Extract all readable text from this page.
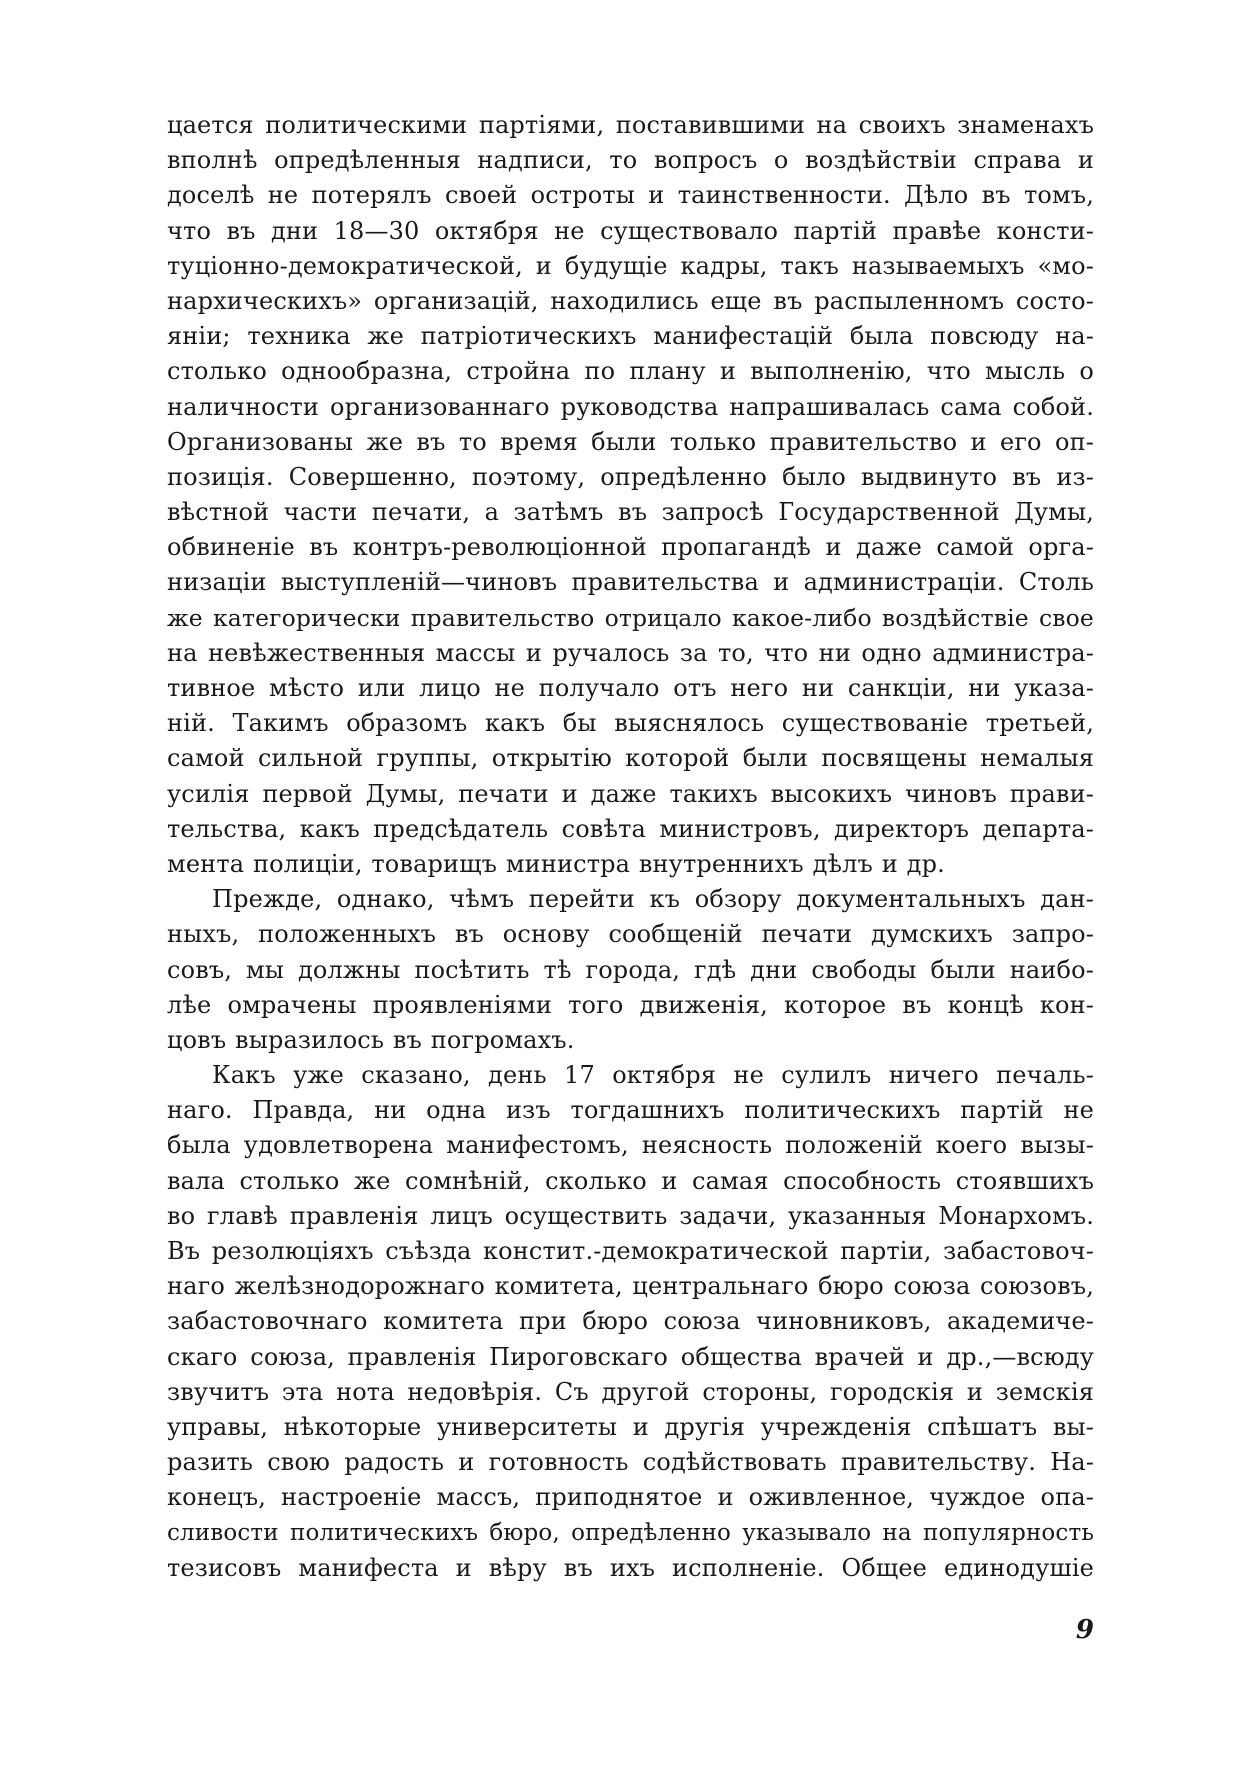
цается политическими партіями, поставившими на своихъ знаменахъ
вполнѣ опредѣленныя надписи, то вопросъ о воздѣйствіи справа и
доселѣ не потерялъ своей остроты и таинственности. Дѣло въ томъ,
что въ дни 18—30 октября не существовало партій правѣе консти-
туціонно-демократической, и будущіе кадры, такъ называемыхъ «мо-
нархическихъ» организацій, находились еще въ распыленномъ состо-
яніи; техника же патріотическихъ манифестацій была повсюду на-
столько однообразна, стройна по плану и выполненію, что мысль о
наличности организованнаго руководства напрашивалась сама собой.
Организованы же въ то время были только правительство и его оп-
позиція. Совершенно, поэтому, опредѣленно было выдвинуто въ из-
вѣстной части печати, а затѣмъ въ запросѣ Государственной Думы,
обвиненіе въ контръ-революціонной пропагандѣ и даже самой орга-
низаціи выступленій—чиновъ правительства и администраціи. Столь
же категорически правительство отрицало какое-либо воздѣйствіе свое
на невѣжественныя массы и ручалось за то, что ни одно администра-
тивное мѣсто или лицо не получало отъ него ни санкціи, ни указа-
ній. Такимъ образомъ какъ бы выяснялось существованіе третьей,
самой сильной группы, открытію которой были посвящены немалыя
усилія первой Думы, печати и даже такихъ высокихъ чиновъ прави-
тельства, какъ предсѣдатель совѣта министровъ, директоръ департа-
мента полиціи, товарищъ министра внутреннихъ дѣлъ и др.
Прежде, однако, чѣмъ перейти къ обзору документальныхъ дан-
ныхъ, положенныхъ въ основу сообщеній печати думскихъ запро-
совъ, мы должны посѣтить тѣ города, гдѣ дни свободы были наибо-
лѣе омрачены проявленіями того движенія, которое въ концѣ кон-
цовъ выразилось въ погромахъ.
Какъ уже сказано, день 17 октября не сулилъ ничего печаль-
наго. Правда, ни одна изъ тогдашнихъ политическихъ партій не
была удовлетворена манифестомъ, неясность положеній коего вызы-
вала столько же сомнѣній, сколько и самая способность стоявшихъ
во главѣ правленія лицъ осуществить задачи, указанныя Монархомъ.
Въ резолюціяхъ съѣзда констит.-демократической партіи, забастовоч-
наго желѣзнодорожнаго комитета, центральнаго бюро союза союзовъ,
забастовочнаго комитета при бюро союза чиновниковъ, академиче-
скаго союза, правленія Пироговскаго общества врачей и др.,—всюду
звучитъ эта нота недовѣрія. Съ другой стороны, городскія и земскія
управы, нѣкоторые университеты и другія учрежденія спѣшатъ вы-
разить свою радость и готовность содѣйствовать правительству. На-
конецъ, настроеніе массъ, приподнятое и оживленное, чуждое опа-
сливости политическихъ бюро, опредѣленно указывало на популярность
тезисовъ манифеста и вѣру въ ихъ исполненіе. Общее единодушіе
9
